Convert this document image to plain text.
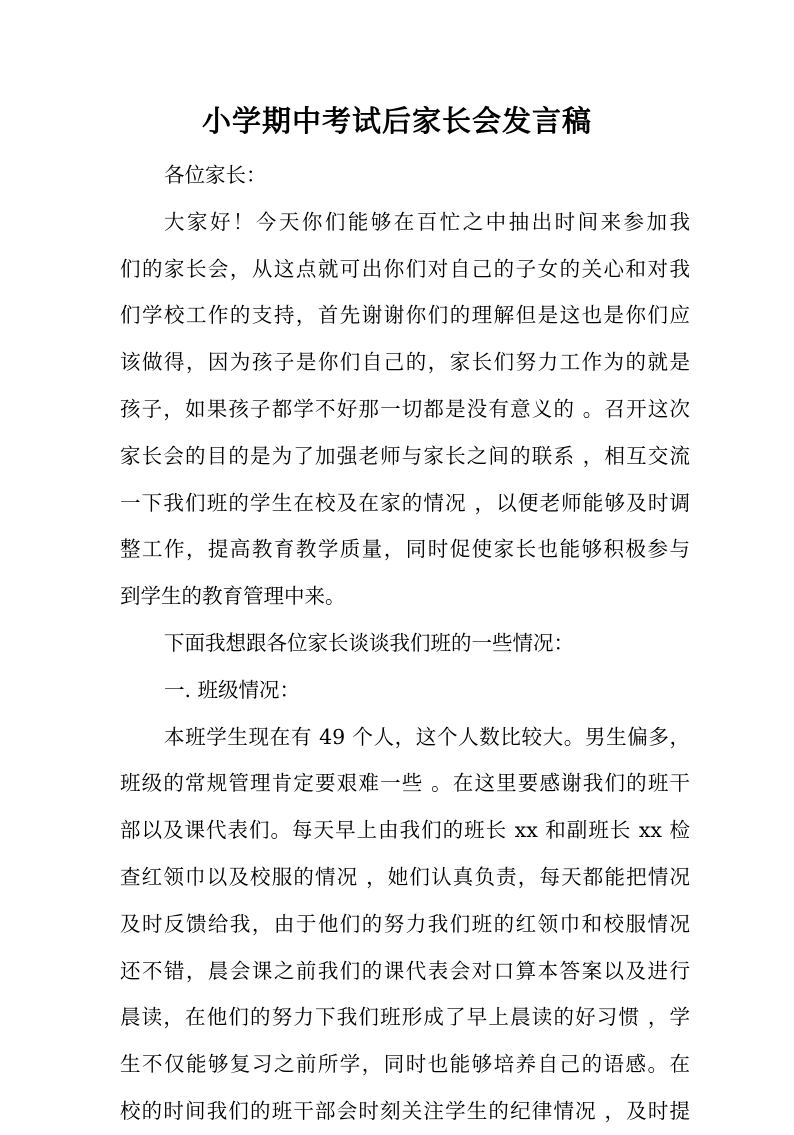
小学期中考试后家长会发言稿
各位家长：
大家好！今天你们能够在百忙之中抽出时间来参加我
们的家长会，从这点就可出你们对自己的子女的关心和对我
们学校工作的支持，首先谢谢你们的理解但是这也是你们应
该做得，因为孩子是你们自己的，家长们努力工作为的就是
孩子，如果孩子都学不好那一切都是没有意义的 。召开这次
家长会的目的是为了加强老师与家长之间的联系 ，相互交流
一下我们班的学生在校及在家的情况 ，以便老师能够及时调
整工作，提高教育教学质量，同时促使家长也能够积极参与
到学生的教育管理中来。
下面我想跟各位家长谈谈我们班的一些情况：
一. 班级情况：
本班学生现在有 49 个人，这个人数比较大。男生偏多，
班级的常规管理肯定要艰难一些 。在这里要感谢我们的班干
部以及课代表们。每天早上由我们的班长 xx 和副班长 xx 检
查红领巾以及校服的情况 ，她们认真负责，每天都能把情况
及时反馈给我，由于他们的努力我们班的红领巾和校服情况
还不错，晨会课之前我们的课代表会对口算本答案以及进行
晨读，在他们的努力下我们班形成了早上晨读的好习惯 ，学
生不仅能够复习之前所学，同时也能够培养自己的语感。在
校的时间我们的班干部会时刻关注学生的纪律情况 ，及时提
